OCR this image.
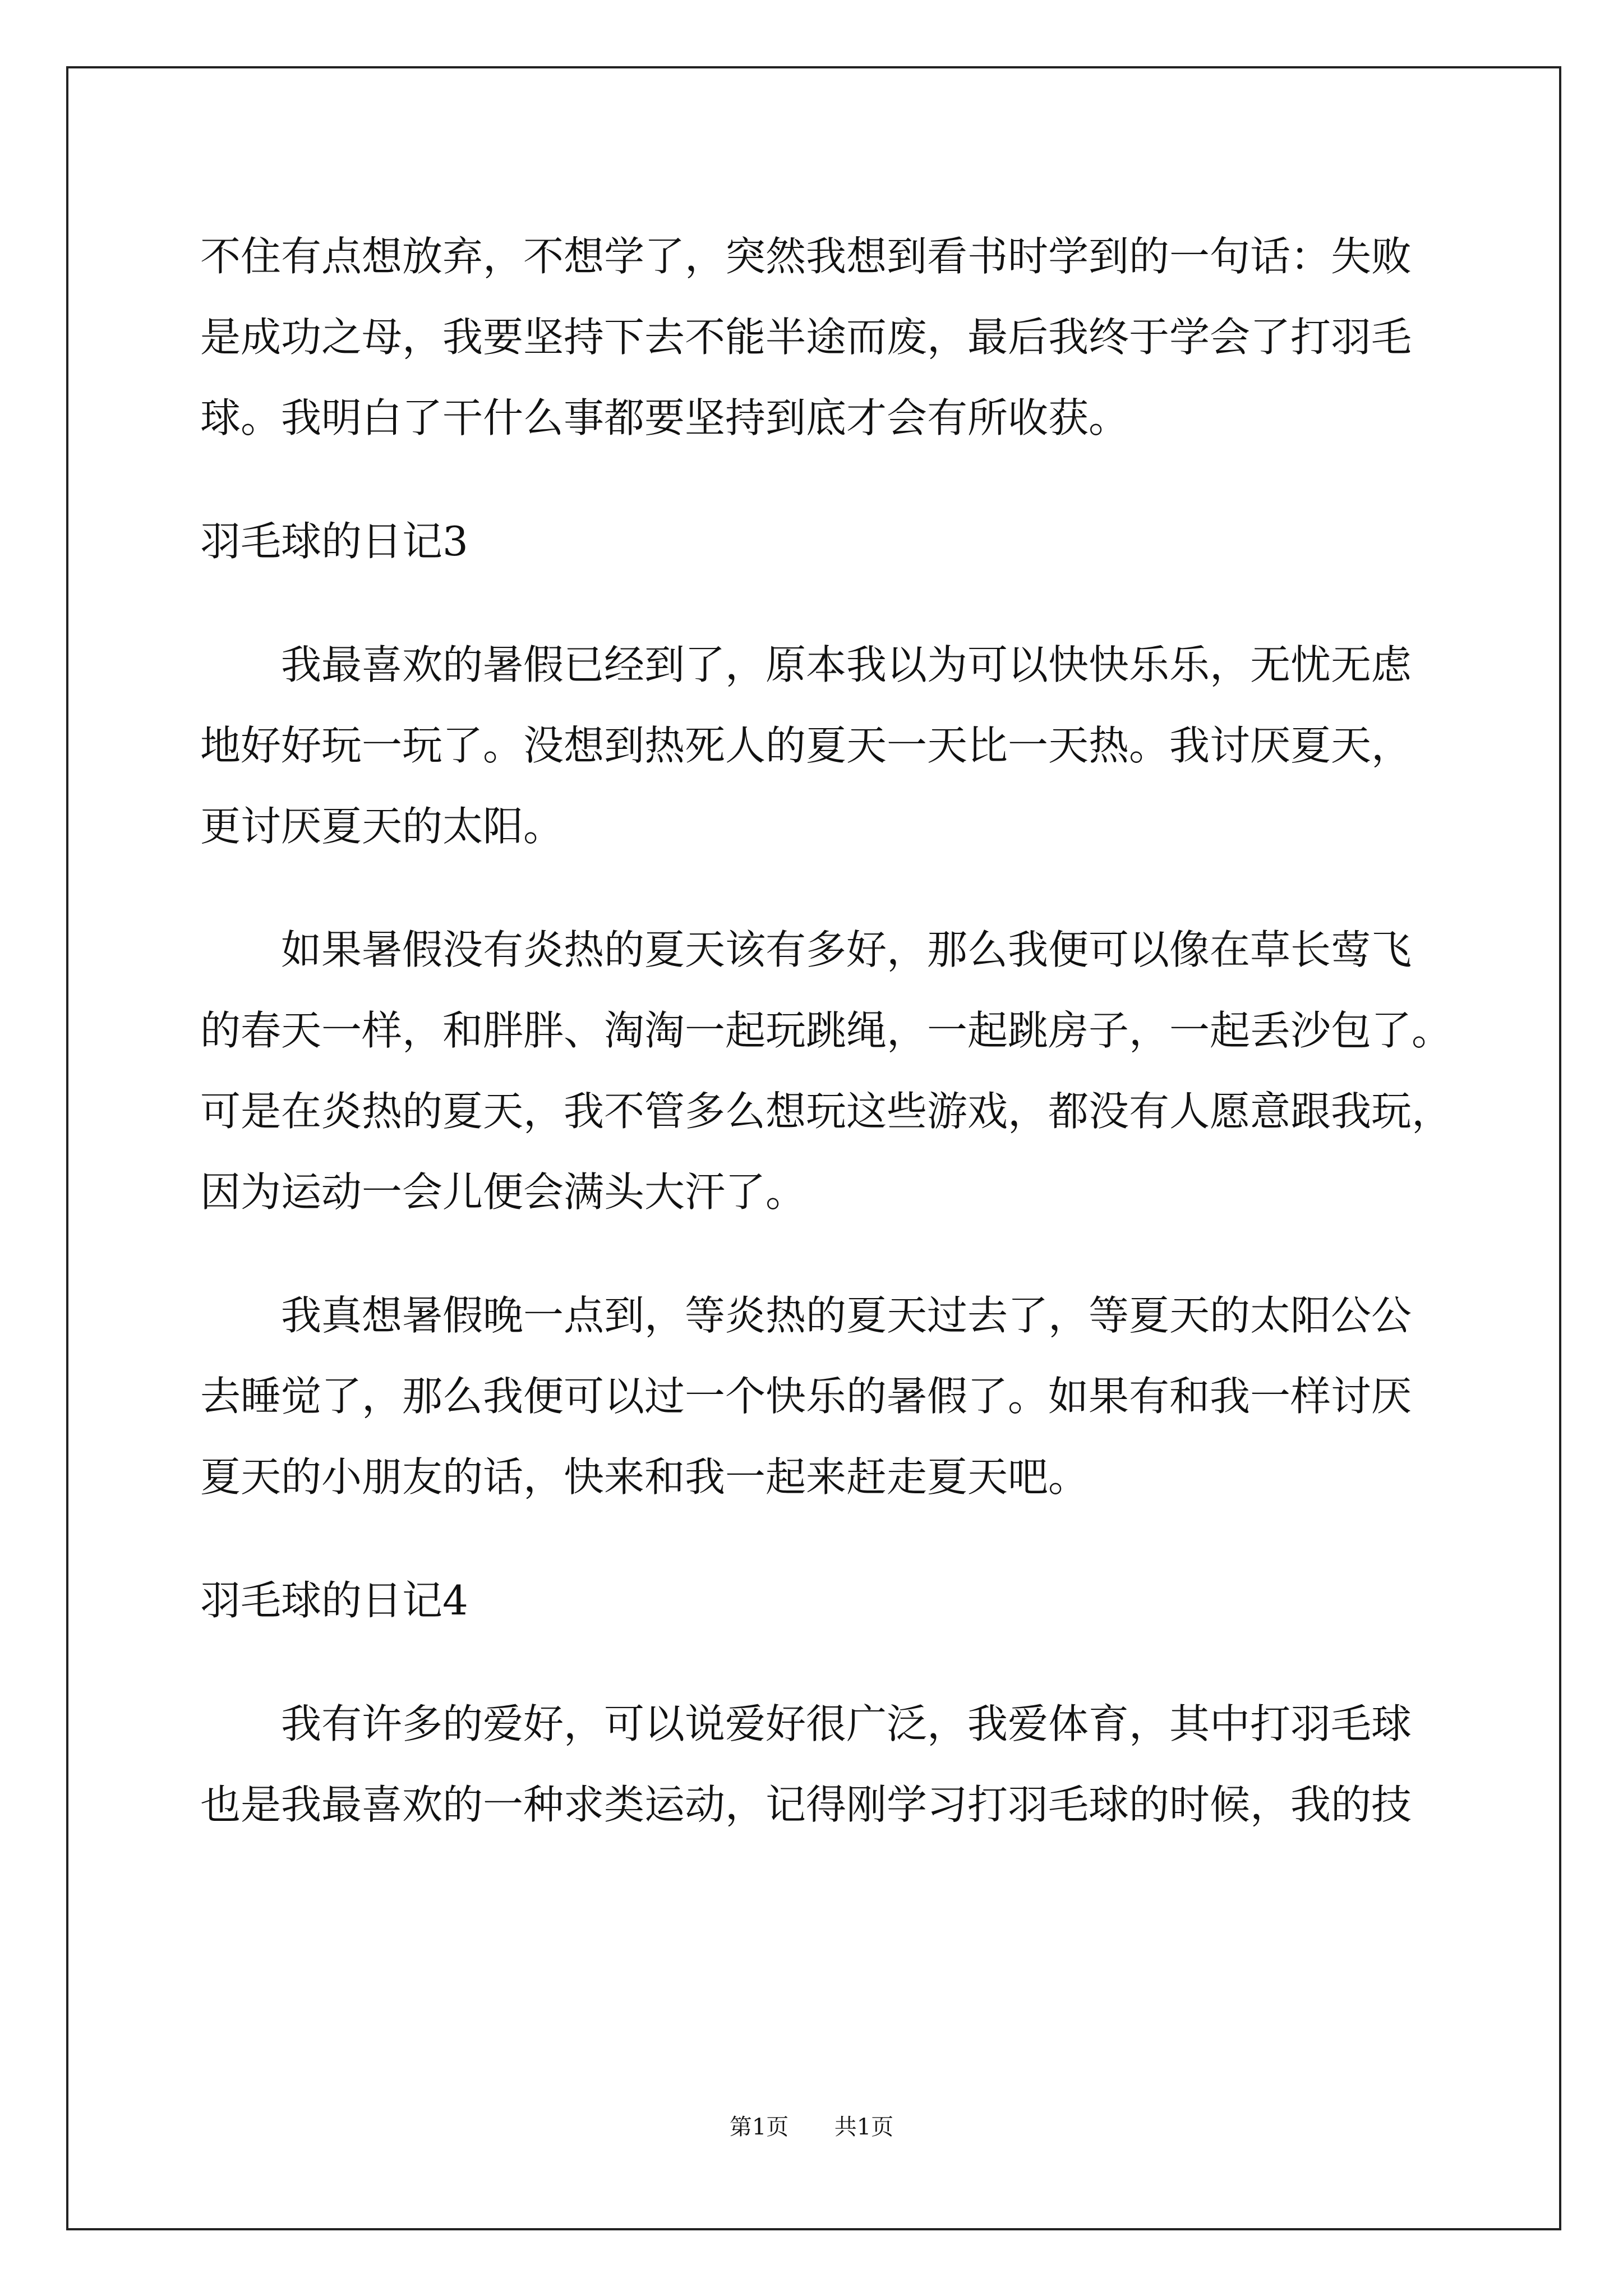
不住有点想放弃，不想学了，突然我想到看书时学到的一句话：失败
是成功之母，我要坚持下去不能半途而废，最后我终于学会了打羽毛
球。我明白了干什么事都要坚持到底才会有所收获。
羽毛球的日记3
我最喜欢的暑假已经到了，原本我以为可以快快乐乐，无忧无虑
地好好玩一玩了。没想到热死人的夏天一天比一天热。我讨厌夏天，
更讨厌夏天的太阳。
如果暑假没有炎热的夏天该有多好，那么我便可以像在草长莺飞
的春天一样，和胖胖、淘淘一起玩跳绳，一起跳房子，一起丢沙包了。
可是在炎热的夏天，我不管多么想玩这些游戏，都没有人愿意跟我玩，
因为运动一会儿便会满头大汗了。
我真想暑假晚一点到，等炎热的夏天过去了，等夏天的太阳公公
去睡觉了，那么我便可以过一个快乐的暑假了。如果有和我一样讨厌
夏天的小朋友的话，快来和我一起来赶走夏天吧。
羽毛球的日记4
我有许多的爱好，可以说爱好很广泛，我爱体育，其中打羽毛球
也是我最喜欢的一种求类运动，记得刚学习打羽毛球的时候，我的技
第1页 共1页
